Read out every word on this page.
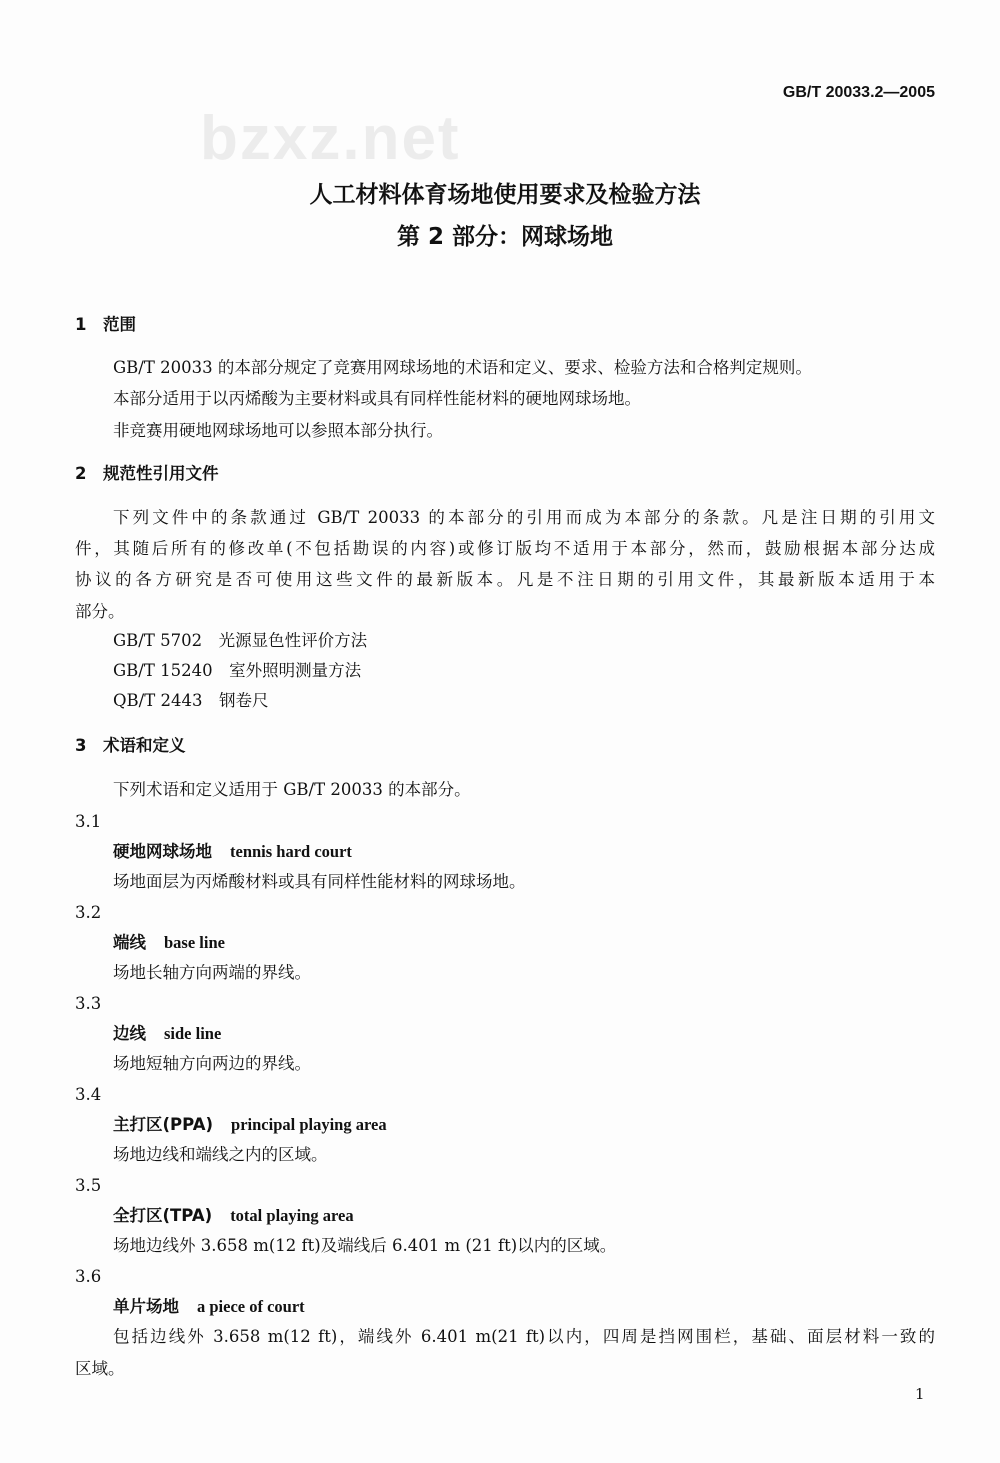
bzxz.net
GB/T 20033.2—2005
人工材料体育场地使用要求及检验方法
第 2 部分：网球场地
1　范围
GB/T 20033 的本部分规定了竞赛用网球场地的术语和定义、要求、检验方法和合格判定规则。
本部分适用于以丙烯酸为主要材料或具有同样性能材料的硬地网球场地。
非竞赛用硬地网球场地可以参照本部分执行。
2　规范性引用文件
下列文件中的条款通过 GB/T 20033 的本部分的引用而成为本部分的条款。凡是注日期的引用文
件，其随后所有的修改单(不包括勘误的内容)或修订版均不适用于本部分，然而，鼓励根据本部分达成
协议的各方研究是否可使用这些文件的最新版本。凡是不注日期的引用文件，其最新版本适用于本
部分。
GB/T 5702　 光源显色性评价方法
GB/T 15240　 室外照明测量方法
QB/T 2443　 钢卷尺
3　术语和定义
下列术语和定义适用于 GB/T 20033 的本部分。
3.1
硬地网球场地 tennis hard court
场地面层为丙烯酸材料或具有同样性能材料的网球场地。
3.2
端线 base line
场地长轴方向两端的界线。
3.3
边线 side line
场地短轴方向两边的界线。
3.4
主打区(PPA) principal playing area
场地边线和端线之内的区域。
3.5
全打区(TPA) total playing area
场地边线外 3.658 m(12 ft)及端线后 6.401 m (21 ft)以内的区域。
3.6
单片场地 a piece of court
包括边线外 3.658 m(12 ft)，端线外 6.401 m(21 ft)以内，四周是挡网围栏，基础、面层材料一致的
区域。
1
